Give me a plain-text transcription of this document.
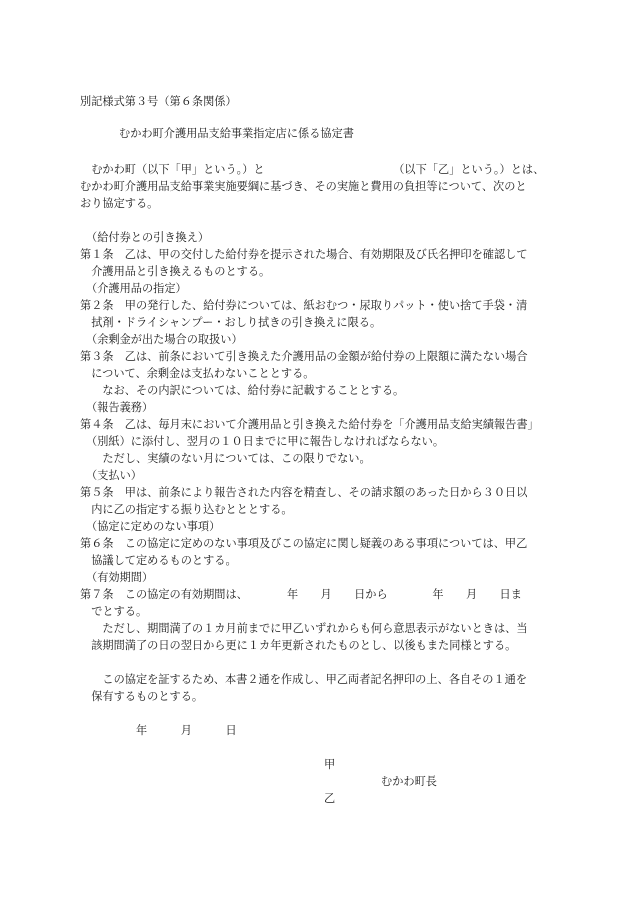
別記様式第３号（第６条関係）
むかわ町介護用品支給事業指定店に係る協定書
　むかわ町（以下「甲」という。）と　　　　　　　　　　　　（以下「乙」という。）とは、
むかわ町介護用品支給事業実施要綱に基づき、その実施と費用の負担等について、次のと
おり協定する。
（給付券との引き換え）
第１条　乙は、甲の交付した給付券を提示された場合、有効期限及び氏名押印を確認して
　介護用品と引き換えるものとする。
（介護用品の指定）
第２条　甲の発行した、給付券については、紙おむつ・尿取りパット・使い捨て手袋・清
　拭剤・ドライシャンプー・おしり拭きの引き換えに限る。
（余剰金が出た場合の取扱い）
第３条　乙は、前条において引き換えた介護用品の金額が給付券の上限額に満たない場合
　について、余剰金は支払わないこととする。
　　なお、その内訳については、給付券に記載することとする。
（報告義務）
第４条　乙は、毎月末において介護用品と引き換えた給付券を「介護用品支給実績報告書」
（別紙）に添付し、翌月の１０日までに甲に報告しなければならない。
　　ただし、実績のない月については、この限りでない。
（支払い）
第５条　甲は、前条により報告された内容を精査し、その請求額のあった日から３０日以
　内に乙の指定する振り込むとととする。
（協定に定めのない事項）
第６条　この協定に定めのない事項及びこの協定に関し疑義のある事項については、甲乙
　協議して定めるものとする。
（有効期間）
第７条　この協定の有効期間は、　　　　年　　月　　日から　　　　年　　月　　日ま
　でとする。
　　ただし、期間満了の１カ月前までに甲乙いずれからも何ら意思表示がないときは、当
　該期間満了の日の翌日から更に１カ年更新されたものとし、以後もまた同様とする。
　　この協定を証するため、本書２通を作成し、甲乙両者記名押印の上、各自その１通を
　保有するものとする。
年　　　月　　　日
甲
むかわ町長
乙
